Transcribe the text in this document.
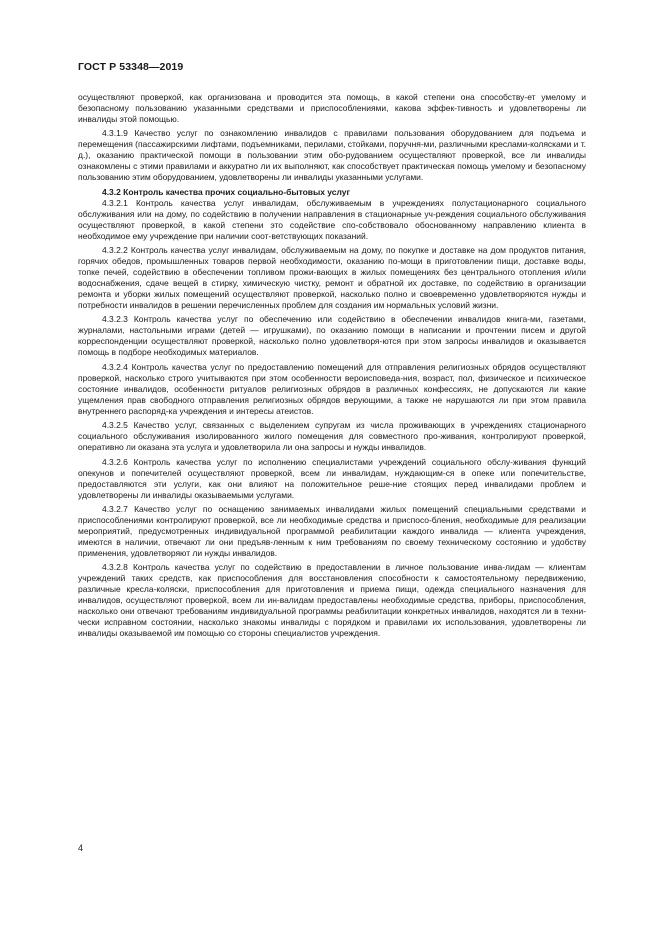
ГОСТ Р 53348—2019

осуществляют проверкой, как организована и проводится эта помощь, в какой степени она способству-ет умелому и безопасному пользованию указанными средствами и приспособлениями, какова эффек-тивность и удовлетворены ли инвалиды этой помощью.

4.3.1.9 Качество услуг по ознакомлению инвалидов с правилами пользования оборудованием для подъема и перемещения (пассажирскими лифтами, подъемниками, перилами, стойками, поручня-ми, различными креслами-колясками и т. д.), оказанию практической помощи в пользовании этим обо-рудованием осуществляют проверкой, все ли инвалиды ознакомлены с этими правилами и аккуратно ли их выполняют, как способствует практическая помощь умелому и безопасному пользованию этим оборудованием, удовлетворены ли инвалиды указанными услугами.

4.3.2 Контроль качества прочих социально-бытовых услуг

4.3.2.1 Контроль качества услуг инвалидам, обслуживаемым в учреждениях полустационарного социального обслуживания или на дому, по содействию в получении направления в стационарные уч-реждения социального обслуживания осуществляют проверкой, в какой степени это содействие спо-собствовало обоснованному направлению клиента в необходимое ему учреждение при наличии соот-ветствующих показаний.

4.3.2.2 Контроль качества услуг инвалидам, обслуживаемым на дому, по покупке и доставке на дом продуктов питания, горячих обедов, промышленных товаров первой необходимости, оказанию по-мощи в приготовлении пищи, доставке воды, топке печей, содействию в обеспечении топливом прожи-вающих в жилых помещениях без центрального отопления и/или водоснабжения, сдаче вещей в стирку, химическую чистку, ремонт и обратной их доставке, по содействию в организации ремонта и уборки жилых помещений осуществляют проверкой, насколько полно и своевременно удовлетворяются нужды и потребности инвалидов в решении перечисленных проблем для создания им нормальных условий жизни.

4.3.2.3 Контроль качества услуг по обеспечению или содействию в обеспечении инвалидов книга-ми, газетами, журналами, настольными играми (детей — игрушками), по оказанию помощи в написании и прочтении писем и другой корреспонденции осуществляют проверкой, насколько полно удовлетворя-ются при этом запросы инвалидов и оказывается помощь в подборе необходимых материалов.

4.3.2.4 Контроль качества услуг по предоставлению помещений для отправления религиозных обрядов осуществляют проверкой, насколько строго учитываются при этом особенности вероисповеда-ния, возраст, пол, физическое и психическое состояние инвалидов, особенности ритуалов религиозных обрядов в различных конфессиях, не допускаются ли какие ущемления прав свободного отправления религиозных обрядов верующими, а также не нарушаются ли при этом правила внутреннего распоряд-ка учреждения и интересы атеистов.

4.3.2.5 Качество услуг, связанных с выделением супругам из числа проживающих в учреждениях стационарного социального обслуживания изолированного жилого помещения для совместного про-живания, контролируют проверкой, оперативно ли оказана эта услуга и удовлетворила ли она запросы и нужды инвалидов.

4.3.2.6 Контроль качества услуг по исполнению специалистами учреждений социального обслу-живания функций опекунов и попечителей осуществляют проверкой, всем ли инвалидам, нуждающим-ся в опеке или попечительстве, предоставляются эти услуги, как они влияют на положительное реше-ние стоящих перед инвалидами проблем и удовлетворены ли инвалиды оказываемыми услугами.

4.3.2.7 Качество услуг по оснащению занимаемых инвалидами жилых помещений специальными средствами и приспособлениями контролируют проверкой, все ли необходимые средства и приспосо-бления, необходимые для реализации мероприятий, предусмотренных индивидуальной программой реабилитации каждого инвалида — клиента учреждения, имеются в наличии, отвечают ли они предъяв-ленным к ним требованиям по своему техническому состоянию и удобству применения, удовлетворяют ли нужды инвалидов.

4.3.2.8 Контроль качества услуг по содействию в предоставлении в личное пользование инва-лидам — клиентам учреждений таких средств, как приспособления для восстановления способности к самостоятельному передвижению, различные кресла-коляски, приспособления для приготовления и приема пищи, одежда специального назначения для инвалидов, осуществляют проверкой, всем ли ин-валидам предоставлены необходимые средства, приборы, приспособления, насколько они отвечают требованиям индивидуальной программы реабилитации конкретных инвалидов, находятся ли в техни-чески исправном состоянии, насколько знакомы инвалиды с порядком и правилами их использования, удовлетворены ли инвалиды оказываемой им помощью со стороны специалистов учреждения.

4
